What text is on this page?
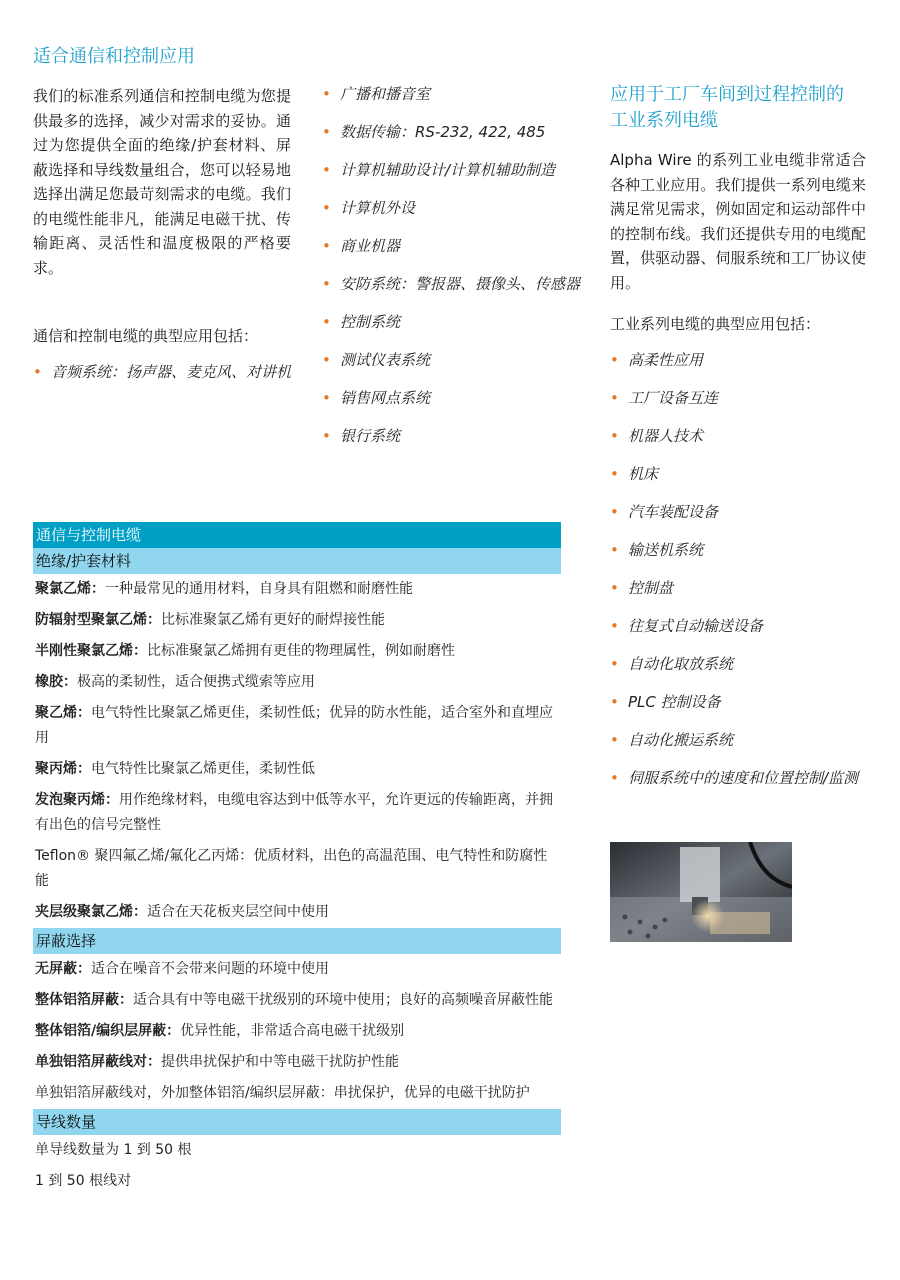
适合通信和控制应用

我们的标准系列通信和控制电缆为您提供最多的选择，减少对需求的妥协。通过为您提供全面的绝缘/护套材料、屏蔽选择和导线数量组合，您可以轻易地选择出满足您最苛刻需求的电缆。我们的电缆性能非凡，能满足电磁干扰、传输距离、灵活性和温度极限的严格要求。

通信和控制电缆的典型应用包括：
• 音频系统：扬声器、麦克风、对讲机
• 广播和播音室
• 数据传输：RS-232, 422, 485
• 计算机辅助设计/计算机辅助制造
• 计算机外设
• 商业机器
• 安防系统：警报器、摄像头、传感器
• 控制系统
• 测试仪表系统
• 销售网点系统
• 银行系统
应用于工厂车间到过程控制的工业系列电缆

Alpha Wire 的系列工业电缆非常适合各种工业应用。我们提供一系列电缆来满足常见需求，例如固定和运动部件中的控制布线。我们还提供专用的电缆配置，供驱动器、伺服系统和工厂协议使用。

工业系列电缆的典型应用包括：
• 高柔性应用
• 工厂设备互连
• 机器人技术
• 机床
• 汽车装配设备
• 输送机系统
• 控制盘
• 往复式自动输送设备
• 自动化取放系统
• PLC 控制设备
• 自动化搬运系统
• 伺服系统中的速度和位置控制/监测
通信与控制电缆
绝缘/护套材料
聚氯乙烯：一种最常见的通用材料，自身具有阻燃和耐磨性能
防辐射型聚氯乙烯：比标准聚氯乙烯有更好的耐焊接性能
半刚性聚氯乙烯：比标准聚氯乙烯拥有更佳的物理属性，例如耐磨性
橡胶：极高的柔韧性，适合便携式缆索等应用
聚乙烯：电气特性比聚氯乙烯更佳，柔韧性低；优异的防水性能，适合室外和直埋应用
聚丙烯：电气特性比聚氯乙烯更佳，柔韧性低
发泡聚丙烯：用作绝缘材料，电缆电容达到中低等水平，允许更远的传输距离，并拥有出色的信号完整性
Teflon® 聚四氟乙烯/氟化乙丙烯：优质材料，出色的高温范围、电气特性和防腐性能
夹层级聚氯乙烯：适合在天花板夹层空间中使用
屏蔽选择
无屏蔽：适合在噪音不会带来问题的环境中使用
整体铝箔屏蔽：适合具有中等电磁干扰级别的环境中使用；良好的高频噪音屏蔽性能
整体铝箔/编织层屏蔽：优异性能，非常适合高电磁干扰级别
单独铝箔屏蔽线对：提供串扰保护和中等电磁干扰防护性能
单独铝箔屏蔽线对，外加整体铝箔/编织层屏蔽：串扰保护，优异的电磁干扰防护
导线数量
单导线数量为 1 到 50 根
1 到 50 根线对
